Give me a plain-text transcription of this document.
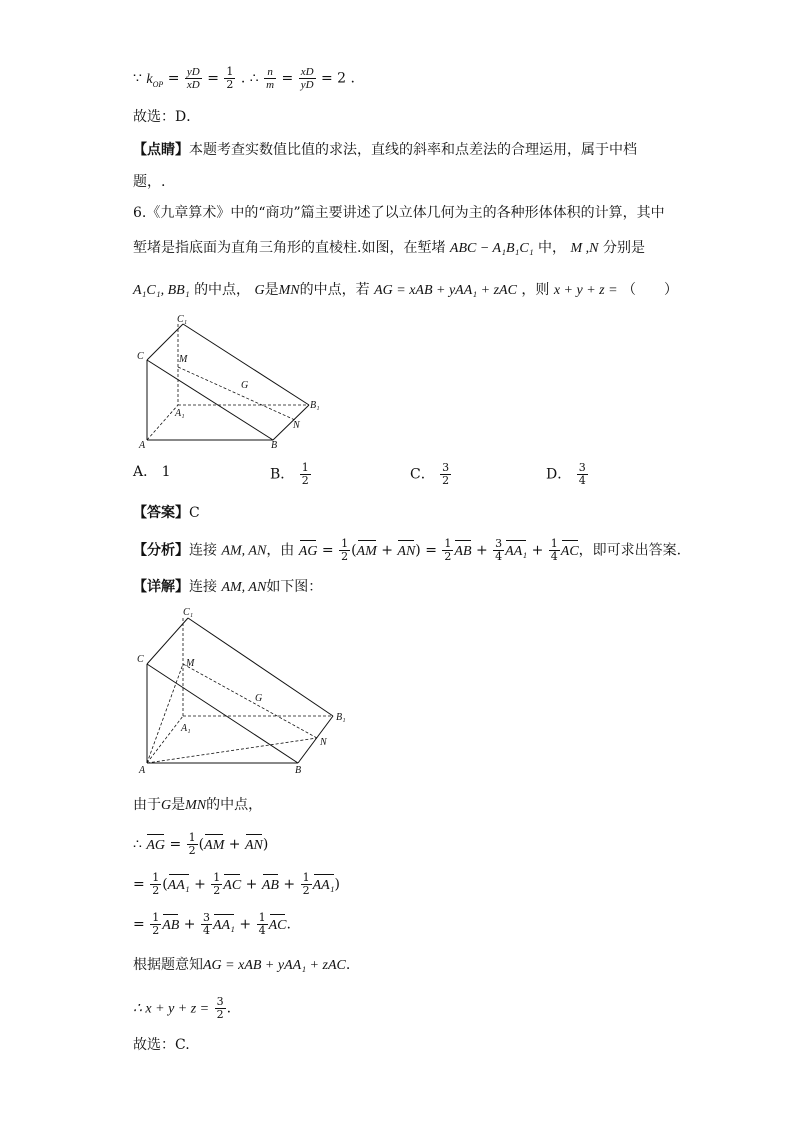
∵ $k_{OP} = \frac{yD}{xD} = \frac{1}{2}$ . ∴ $\frac{n}{m} = \frac{xD}{yD} = 2$ .
故选：D．
【点睛】本题考查实数值比值的求法，直线的斜率和点差法的合理运用，属于中档
题，.
6.《九章算术》中的“商功”篇主要讲述了以立体几何为主的各种形体体积的计算，其中
堑堵是指底面为直角三角形的直棱柱.如图，在堑堵 ABC − A₁B₁C₁ 中， M ,N 分别是
A₁C₁, BB₁ 的中点， G是MN的中点，若 AG = xAB + yAA₁ + zAC ，则 x + y + z = （　　）
C₁
C	M
G
A₁
B₁
N
A	B
A． 1	B． $\frac{1}{2}$	C． $\frac{3}{2}$	D． $\frac{3}{4}$
【答案】C
【分析】连接 AM, AN，由 AG = $\frac{1}{2} (AM + AN) = \frac{1}{2}$ AB + $\frac{3}{4} AA_1 + \frac{1}{4}$ AC，即可求出答案.
【详解】连接 AM, AN如下图：
C₁
C	M
G
A₁
B₁
N
A	B
由于G是MN的中点，
∴ AG = $\frac{1}{2} (AM + AN)$
= $\frac{1}{2} (AA_1 + \frac{1}{2}$ AC + AB + $\frac{1}{2} AA_1$)
= $\frac{1}{2}$ AB + $\frac{3}{4} AA_1 + \frac{1}{4}$ AC.
根据题意知AG = xAB + yAA₁ + zAC.
∴ $x + y + z = \frac{3}{2}$ .
故选：C.
